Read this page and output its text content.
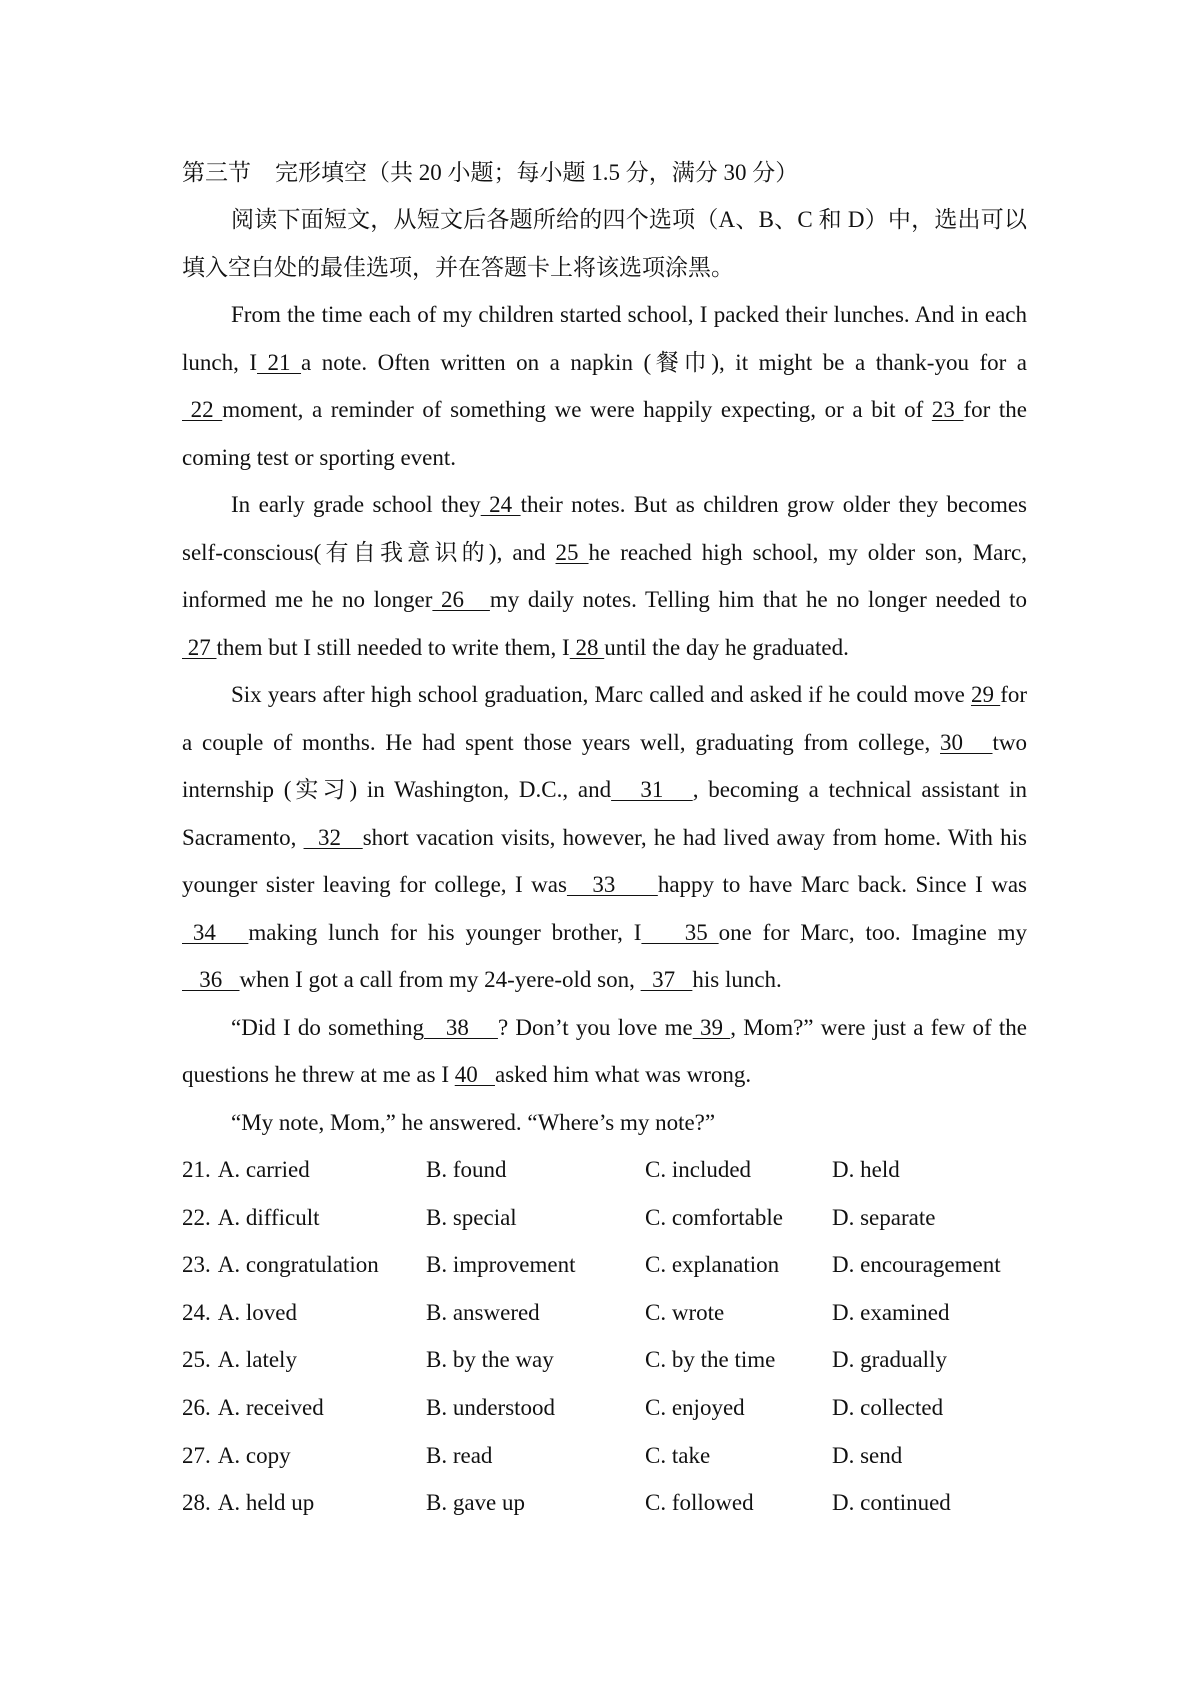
第三节 完形填空（共 20 小题；每小题 1.5 分，满分 30 分）

阅读下面短文，从短文后各题所给的四个选项（A、B、C 和 D）中，选出可以填入空白处的最佳选项，并在答题卡上将该选项涂黑。

From the time each of my children started school, I packed their lunches. And in each lunch, I 21 a note. Often written on a napkin (餐巾), it might be a thank-you for a 22 moment, a reminder of something we were happily expecting, or a bit of 23 for the coming test or sporting event.

In early grade school they 24 their notes. But as children grow older they becomes self-conscious(有自我意识的), and 25 he reached high school, my older son, Marc, informed me he no longer 26   my daily notes. Telling him that he no longer needed to 27 them but I still needed to write them, I 28 until the day he graduated.

Six years after high school graduation, Marc called and asked if he could move 29 for a couple of months. He had spent those years well, graduating from college, 30   two internship (实习) in Washington, D.C., and   31   , becoming a technical assistant in Sacramento,   32   short vacation visits, however, he had lived away from home. With his younger sister leaving for college, I was   33     happy to have Marc back. Since I was 34   making lunch for his younger brother, I    35 one for Marc, too. Imagine my   36   when I got a call from my 24-yere-old son,   37   his lunch.

“Did I do something   38    ? Don’t you love me 39 , Mom?” were just a few of the questions he threw at me as I 40   asked him what was wrong.

“My note, Mom,” he answered. “Where’s my note?”

21. A. carried	B. found	C. included	D. held
22. A. difficult	B. special	C. comfortable D. separate
23. A. congratulation B. improvement	C. explanation D. encouragement
24. A. loved	B. answered	C. wrote	D. examined
25. A. lately	B. by the way	C. by the time D. gradually
26. A. received	B. understood	C. enjoyed	D. collected
27. A. copy	B. read	C. take	D. send
28. A. held up	B. gave up	C. followed	D. continued
